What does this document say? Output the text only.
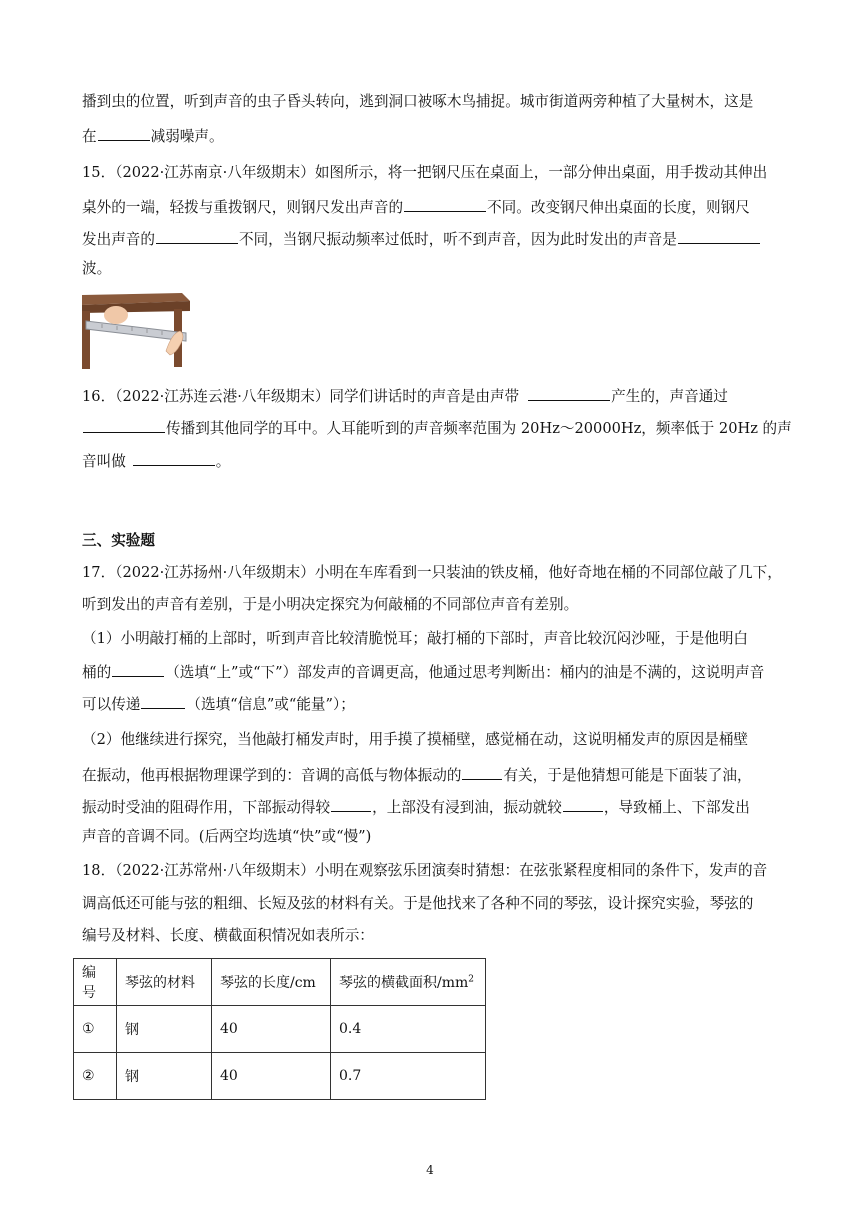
播到虫的位置，听到声音的虫子昏头转向，逃到洞口被啄木鸟捕捉。城市街道两旁种植了大量树木，这是
在	减弱噪声。
15．（2022·江苏南京·八年级期末）如图所示，将一把钢尺压在桌面上，一部分伸出桌面，用手拨动其伸出
桌外的一端，轻拨与重拨钢尺，则钢尺发出声音的	不同。改变钢尺伸出桌面的长度，则钢尺
发出声音的	不同，当钢尺振动频率过低时，听不到声音，因为此时发出的声音是
波。
16．（2022·江苏连云港·八年级期末）同学们讲话时的声音是由声带	产生的，声音通过
传播到其他同学的耳中。人耳能听到的声音频率范围为 20Hz～20000Hz，频率低于 20Hz 的声
音叫做	。
三、实验题
17．（2022·江苏扬州·八年级期末）小明在车库看到一只装油的铁皮桶，他好奇地在桶的不同部位敲了几下，
听到发出的声音有差别，于是小明决定探究为何敲桶的不同部位声音有差别。
（1）小明敲打桶的上部时，听到声音比较清脆悦耳；敲打桶的下部时，声音比较沉闷沙哑，于是他明白
桶的	（选填“上”或“下”）部发声的音调更高，他通过思考判断出：桶内的油是不满的，这说明声音
可以传递	（选填“信息”或“能量”）；
（2）他继续进行探究，当他敲打桶发声时，用手摸了摸桶壁，感觉桶在动，这说明桶发声的原因是桶壁
在振动，他再根据物理课学到的：音调的高低与物体振动的	有关，于是他猜想可能是下面装了油，
振动时受油的阻碍作用，下部振动得较	，上部没有浸到油，振动就较	，导致桶上、下部发出
声音的音调不同。(后两空均选填“快”或“慢”)
18．（2022·江苏常州·八年级期末）小明在观察弦乐团演奏时猜想：在弦张紧程度相同的条件下，发声的音
调高低还可能与弦的粗细、长短及弦的材料有关。于是他找来了各种不同的琴弦，设计探究实验，琴弦的
编号及材料、长度、横截面积情况如表所示：
编号	琴弦的材料	琴弦的长度/cm	琴弦的横截面积$/mm^2$
①	钢	40	0.4
②	钢	40	0.7
4
